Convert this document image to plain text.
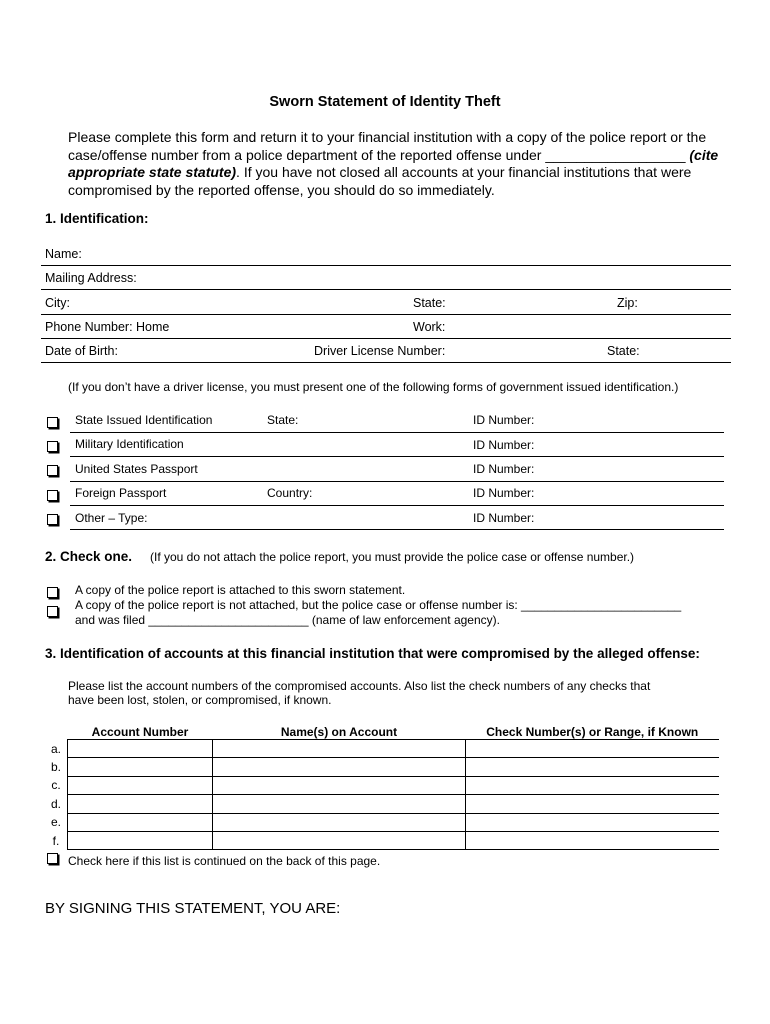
Sworn Statement of Identity Theft
Please complete this form and return it to your financial institution with a copy of the police report or the case/offense number from a police department of the reported offense under __________________ (cite appropriate state statute). If you have not closed all accounts at your financial institutions that were compromised by the reported offense, you should do so immediately.
1. Identification:
Name:
Mailing Address:
City:	State:	Zip:
Phone Number: Home	Work:
Date of Birth:	Driver License Number:	State:
(If you don’t have a driver license, you must present one of the following forms of government issued identification.)
State Issued Identification	State:	ID Number:
Military Identification	ID Number:
United States Passport	ID Number:
Foreign Passport	Country:	ID Number:
Other – Type:	ID Number:
2. Check one. (If you do not attach the police report, you must provide the police case or offense number.)
A copy of the police report is attached to this sworn statement.
A copy of the police report is not attached, but the police case or offense number is: ________________________
and was filed ________________________ (name of law enforcement agency).
3. Identification of accounts at this financial institution that were compromised by the alleged offense:
Please list the account numbers of the compromised accounts. Also list the check numbers of any checks that
have been lost, stolen, or compromised, if known.
	Account Number	Name(s) on Account	Check Number(s) or Range, if Known
a.			
b.			
c.			
d.			
e.			
f.			
Check here if this list is continued on the back of this page.
BY SIGNING THIS STATEMENT, YOU ARE:
